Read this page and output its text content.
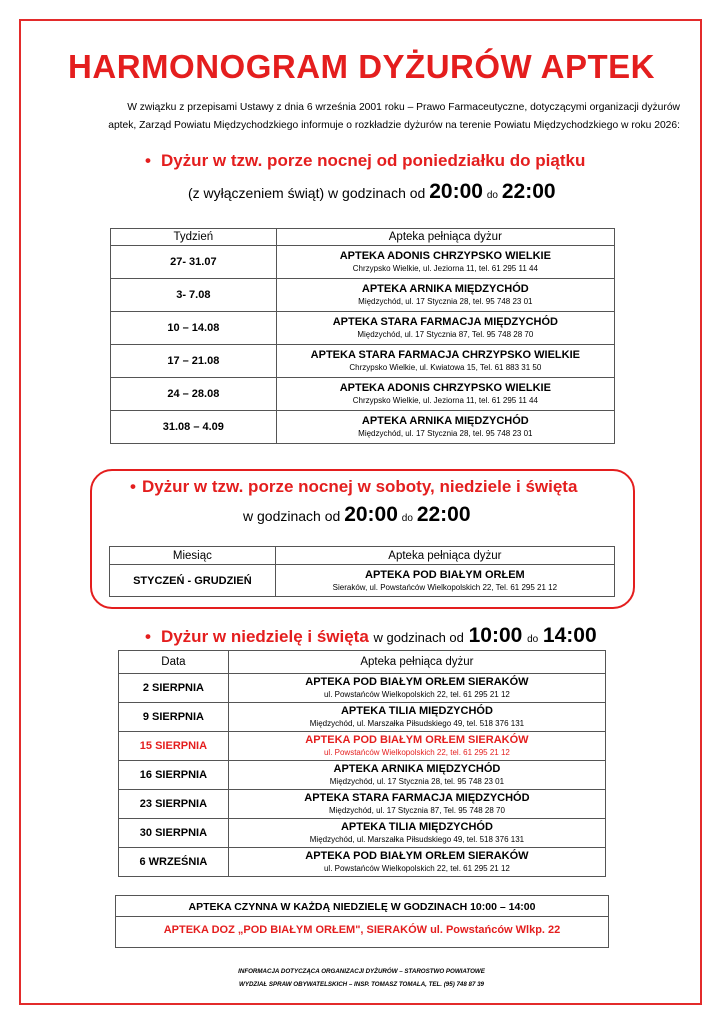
HARMONOGRAM DYŻURÓW APTEK
W związku z przepisami Ustawy z dnia 6 września 2001 roku – Prawo Farmaceutyczne, dotyczącymi organizacji dyżurów
aptek, Zarząd Powiatu Międzychodzkiego informuje o rozkładzie dyżurów na terenie Powiatu Międzychodzkiego w roku 2026:
• Dyżur w tzw. porze nocnej od poniedziałku do piątku
(z wyłączeniem świąt) w godzinach od 20:00 do 22:00
Tydzień	Apteka pełniąca dyżur
27- 31.07	APTEKA ADONIS CHRZYPSKO WIELKIE
Chrzypsko Wielkie, ul. Jeziorna 11, tel. 61 295 11 44

3- 7.08	APTEKA ARNIKA MIĘDZYCHÓD
Międzychód, ul. 17 Stycznia 28, tel. 95 748 23 01

10 – 14.08	APTEKA STARA FARMACJA MIĘDZYCHÓD
Międzychód, ul. 17 Stycznia 87, Tel. 95 748 28 70

17 – 21.08	APTEKA STARA FARMACJA CHRZYPSKO WIELKIE
Chrzypsko Wielkie, ul. Kwiatowa 15, Tel. 61 883 31 50

24 – 28.08	APTEKA ADONIS CHRZYPSKO WIELKIE
Chrzypsko Wielkie, ul. Jeziorna 11, tel. 61 295 11 44

31.08 – 4.09	APTEKA ARNIKA MIĘDZYCHÓD
Międzychód, ul. 17 Stycznia 28, tel. 95 748 23 01
• Dyżur w tzw. porze nocnej w soboty, niedziele i święta
w godzinach od 20:00 do 22:00
Miesiąc	Apteka pełniąca dyżur
STYCZEŃ - GRUDZIEŃ	APTEKA POD BIAŁYM ORŁEM
Sieraków, ul. Powstańców Wielkopolskich 22, Tel. 61 295 21 12
• Dyżur w niedzielę i święta w godzinach od 10:00 do 14:00
Data	Apteka pełniąca dyżur
2 SIERPNIA	APTEKA POD BIAŁYM ORŁEM SIERAKÓW
ul. Powstańców Wielkopolskich 22, tel. 61 295 21 12

9 SIERPNIA	APTEKA TILIA MIĘDZYCHÓD
Międzychód, ul. Marszałka Piłsudskiego 49, tel. 518 376 131

15 SIERPNIA	APTEKA POD BIAŁYM ORŁEM SIERAKÓW
ul. Powstańców Wielkopolskich 22, tel. 61 295 21 12

16 SIERPNIA	APTEKA ARNIKA MIĘDZYCHÓD
Międzychód, ul. 17 Stycznia 28, tel. 95 748 23 01

23 SIERPNIA	APTEKA STARA FARMACJA MIĘDZYCHÓD
Międzychód, ul. 17 Stycznia 87, Tel. 95 748 28 70

30 SIERPNIA	APTEKA TILIA MIĘDZYCHÓD
Międzychód, ul. Marszałka Piłsudskiego 49, tel. 518 376 131

6 WRZEŚNIA	APTEKA POD BIAŁYM ORŁEM SIERAKÓW
ul. Powstańców Wielkopolskich 22, tel. 61 295 21 12
APTEKA CZYNNA W KAŻDĄ NIEDZIELĘ W GODZINACH 10:00 – 14:00
APTEKA DOZ „POD BIAŁYM ORŁEM", SIERAKÓW ul. Powstańców Wlkp. 22
INFORMACJA DOTYCZĄCA ORGANIZACJI DYŻURÓW – STAROSTWO POWIATOWE
WYDZIAŁ SPRAW OBYWATELSKICH – INSP. TOMASZ TOMALA, TEL. (95) 748 87 39
